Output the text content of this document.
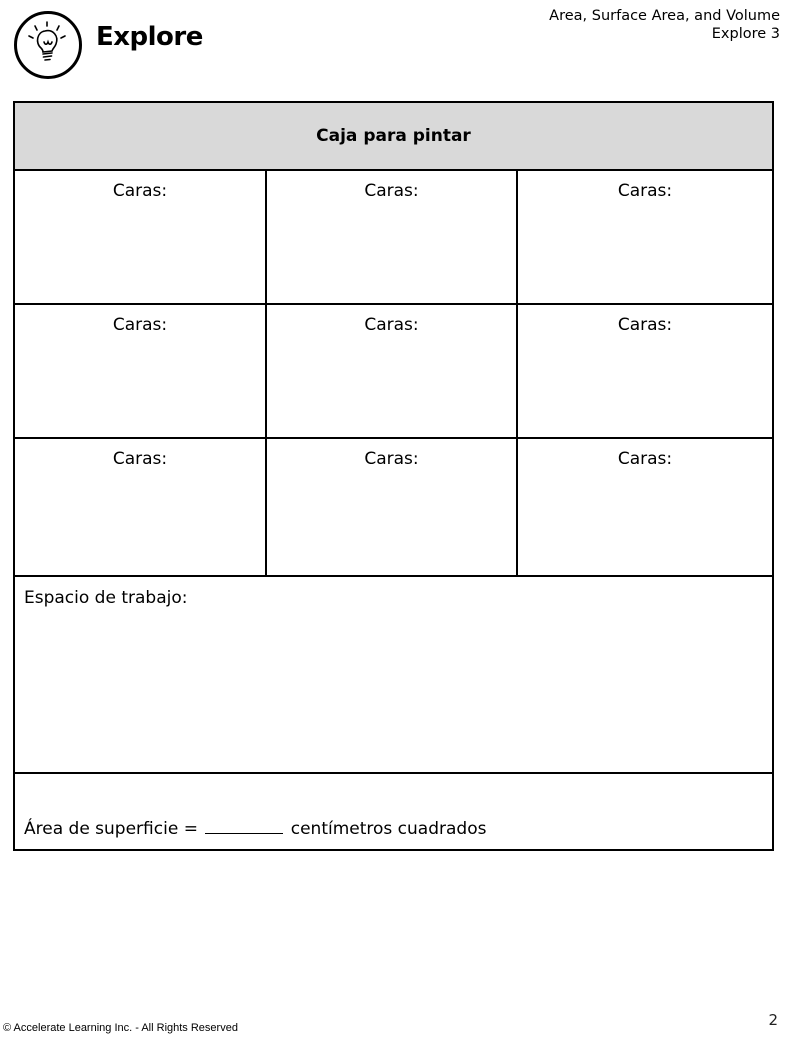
Explore
Area, Surface Area, and Volume
Explore 3
Caja para pintar
Caras:	Caras:	Caras:
Caras:	Caras:	Caras:
Caras:	Caras:	Caras:
Espacio de trabajo:
Área de superficie =	centímetros cuadrados
© Accelerate Learning Inc. - All Rights Reserved	2
